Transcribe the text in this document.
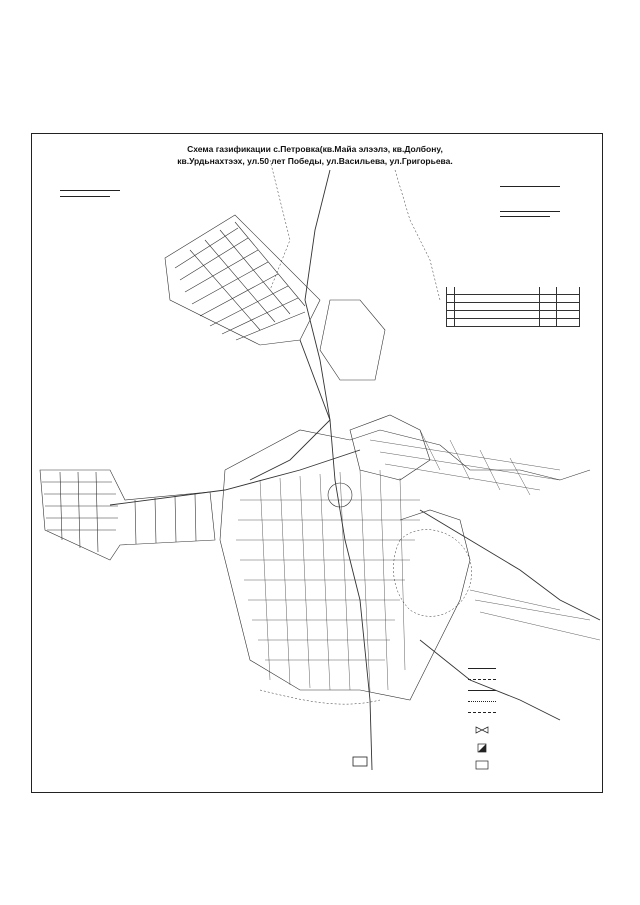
Схема газификации с.Петровка(кв.Майа элээлэ, кв.Долбону,
кв.Урдьнахтээх, ул.50 лет Победы, ул.Васильева, ул.Григорьева.
